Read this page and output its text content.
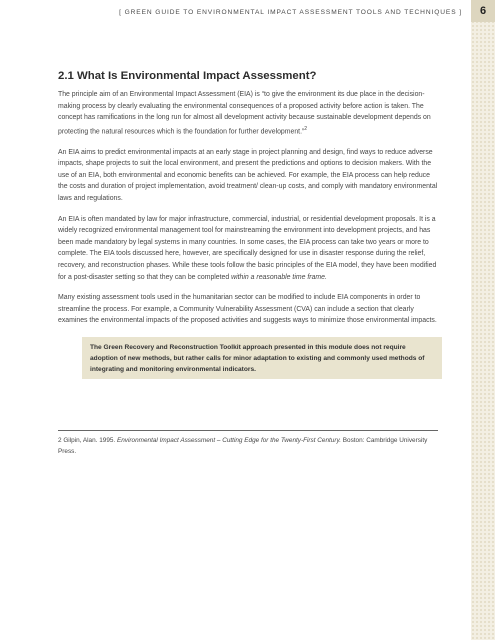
6
[ GREEN GUIDE TO ENVIRONMENTAL IMPACT ASSESSMENT TOOLS AND TECHNIQUES ]
2.1 What Is Environmental Impact Assessment?

The principle aim of an Environmental Impact Assessment (EIA) is “to give the environment its due place in the decision-making process by clearly evaluating the environmental consequences of a proposed activity before action is taken. The concept has ramifications in the long run for almost all development activity because sustainable development depends on protecting the natural resources which is the foundation for further development.”$^2$

An EIA aims to predict environmental impacts at an early stage in project planning and design, find ways to reduce adverse impacts, shape projects to suit the local environment, and present the predictions and options to decision makers. With the use of an EIA, both environmental and economic benefits can be achieved. For example, the EIA process can help reduce the costs and duration of project implementation, avoid treatment/ clean-up costs, and comply with mandatory environmental laws and regulations.

An EIA is often mandated by law for major infrastructure, commercial, industrial, or residential development proposals. It is a widely recognized environmental management tool for mainstreaming the environment into development projects, and has been made mandatory by legal systems in many countries. In some cases, the EIA process can take two years or more to complete. The EIA tools discussed here, however, are specifically designed for use in disaster response during the relief, recovery, and reconstruction phases. While these tools follow the basic principles of the EIA model, they have been modified for a post-disaster setting so that they can be completed within a reasonable time frame.

Many existing assessment tools used in the humanitarian sector can be modified to include EIA components in order to streamline the process. For example, a Community Vulnerability Assessment (CVA) can include a section that clearly examines the environmental impacts of the proposed activities and suggests ways to minimize those environmental impacts.

The Green Recovery and Reconstruction Toolkit approach presented in this module does not require adoption of new methods, but rather calls for minor adaptation to existing and commonly used methods of integrating and monitoring environmental indicators.
2 Gilpin, Alan. 1995. Environmental Impact Assessment – Cutting Edge for the Twenty-First Century. Boston: Cambridge University Press.
